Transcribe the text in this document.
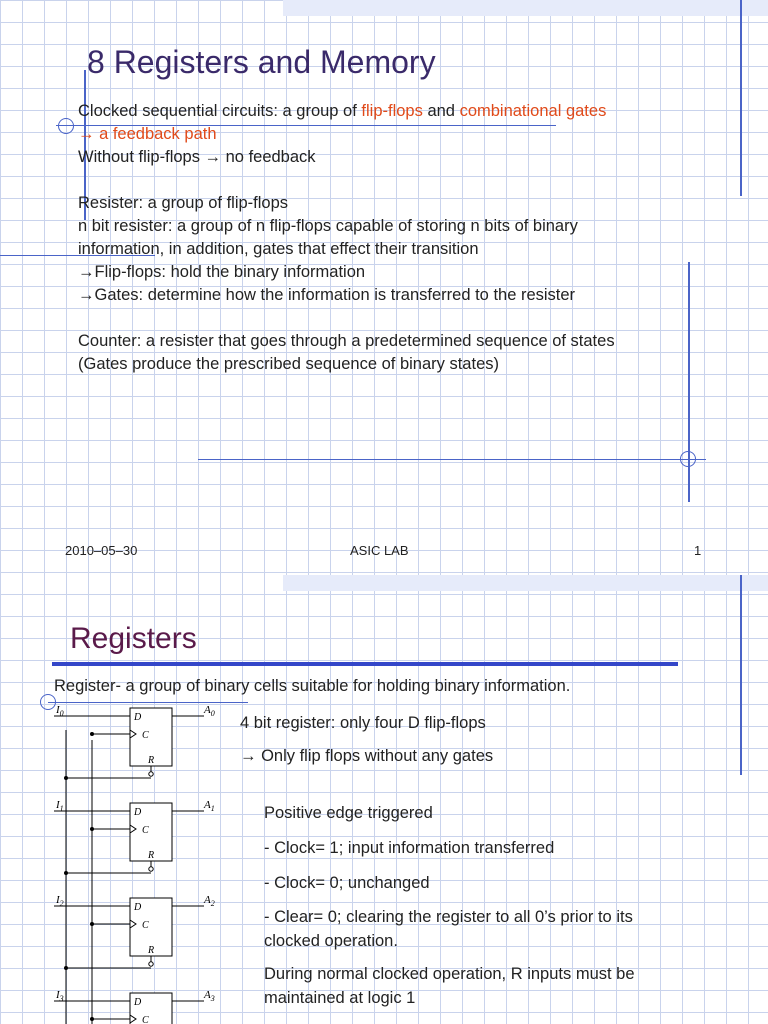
8 Registers and Memory
Clocked sequential circuits: a group of flip-flops and combinational gates
→ a feedback path
Without flip-flops → no feedback
Resister: a group of flip-flops
n bit resister: a group of n flip-flops capable of storing n bits of binary
information, in addition, gates that effect their transition
→Flip-flops: hold the binary information
→Gates: determine how the information is transferred to the resister
Counter: a resister that goes through a predetermined sequence of states
(Gates produce the prescribed sequence of binary states)
2010–05–30	ASIC LAB	1
Registers
Register- a group of binary cells suitable for holding binary information.
4 bit register: only four D flip-flops
→ Only flip flops without any gates
Positive edge triggered
- Clock= 1; input information transferred
- Clock= 0; unchanged
- Clear= 0; clearing the register to all 0’s prior to its
clocked operation.
During normal clocked operation, R inputs must be
maintained at logic 1
D
C
R
$I_0$	$A_0$
D
C
R
$I_1$	$A_1$
D
C
R
$I_2$	$A_2$
D
C
$I_3$	$A_3$
